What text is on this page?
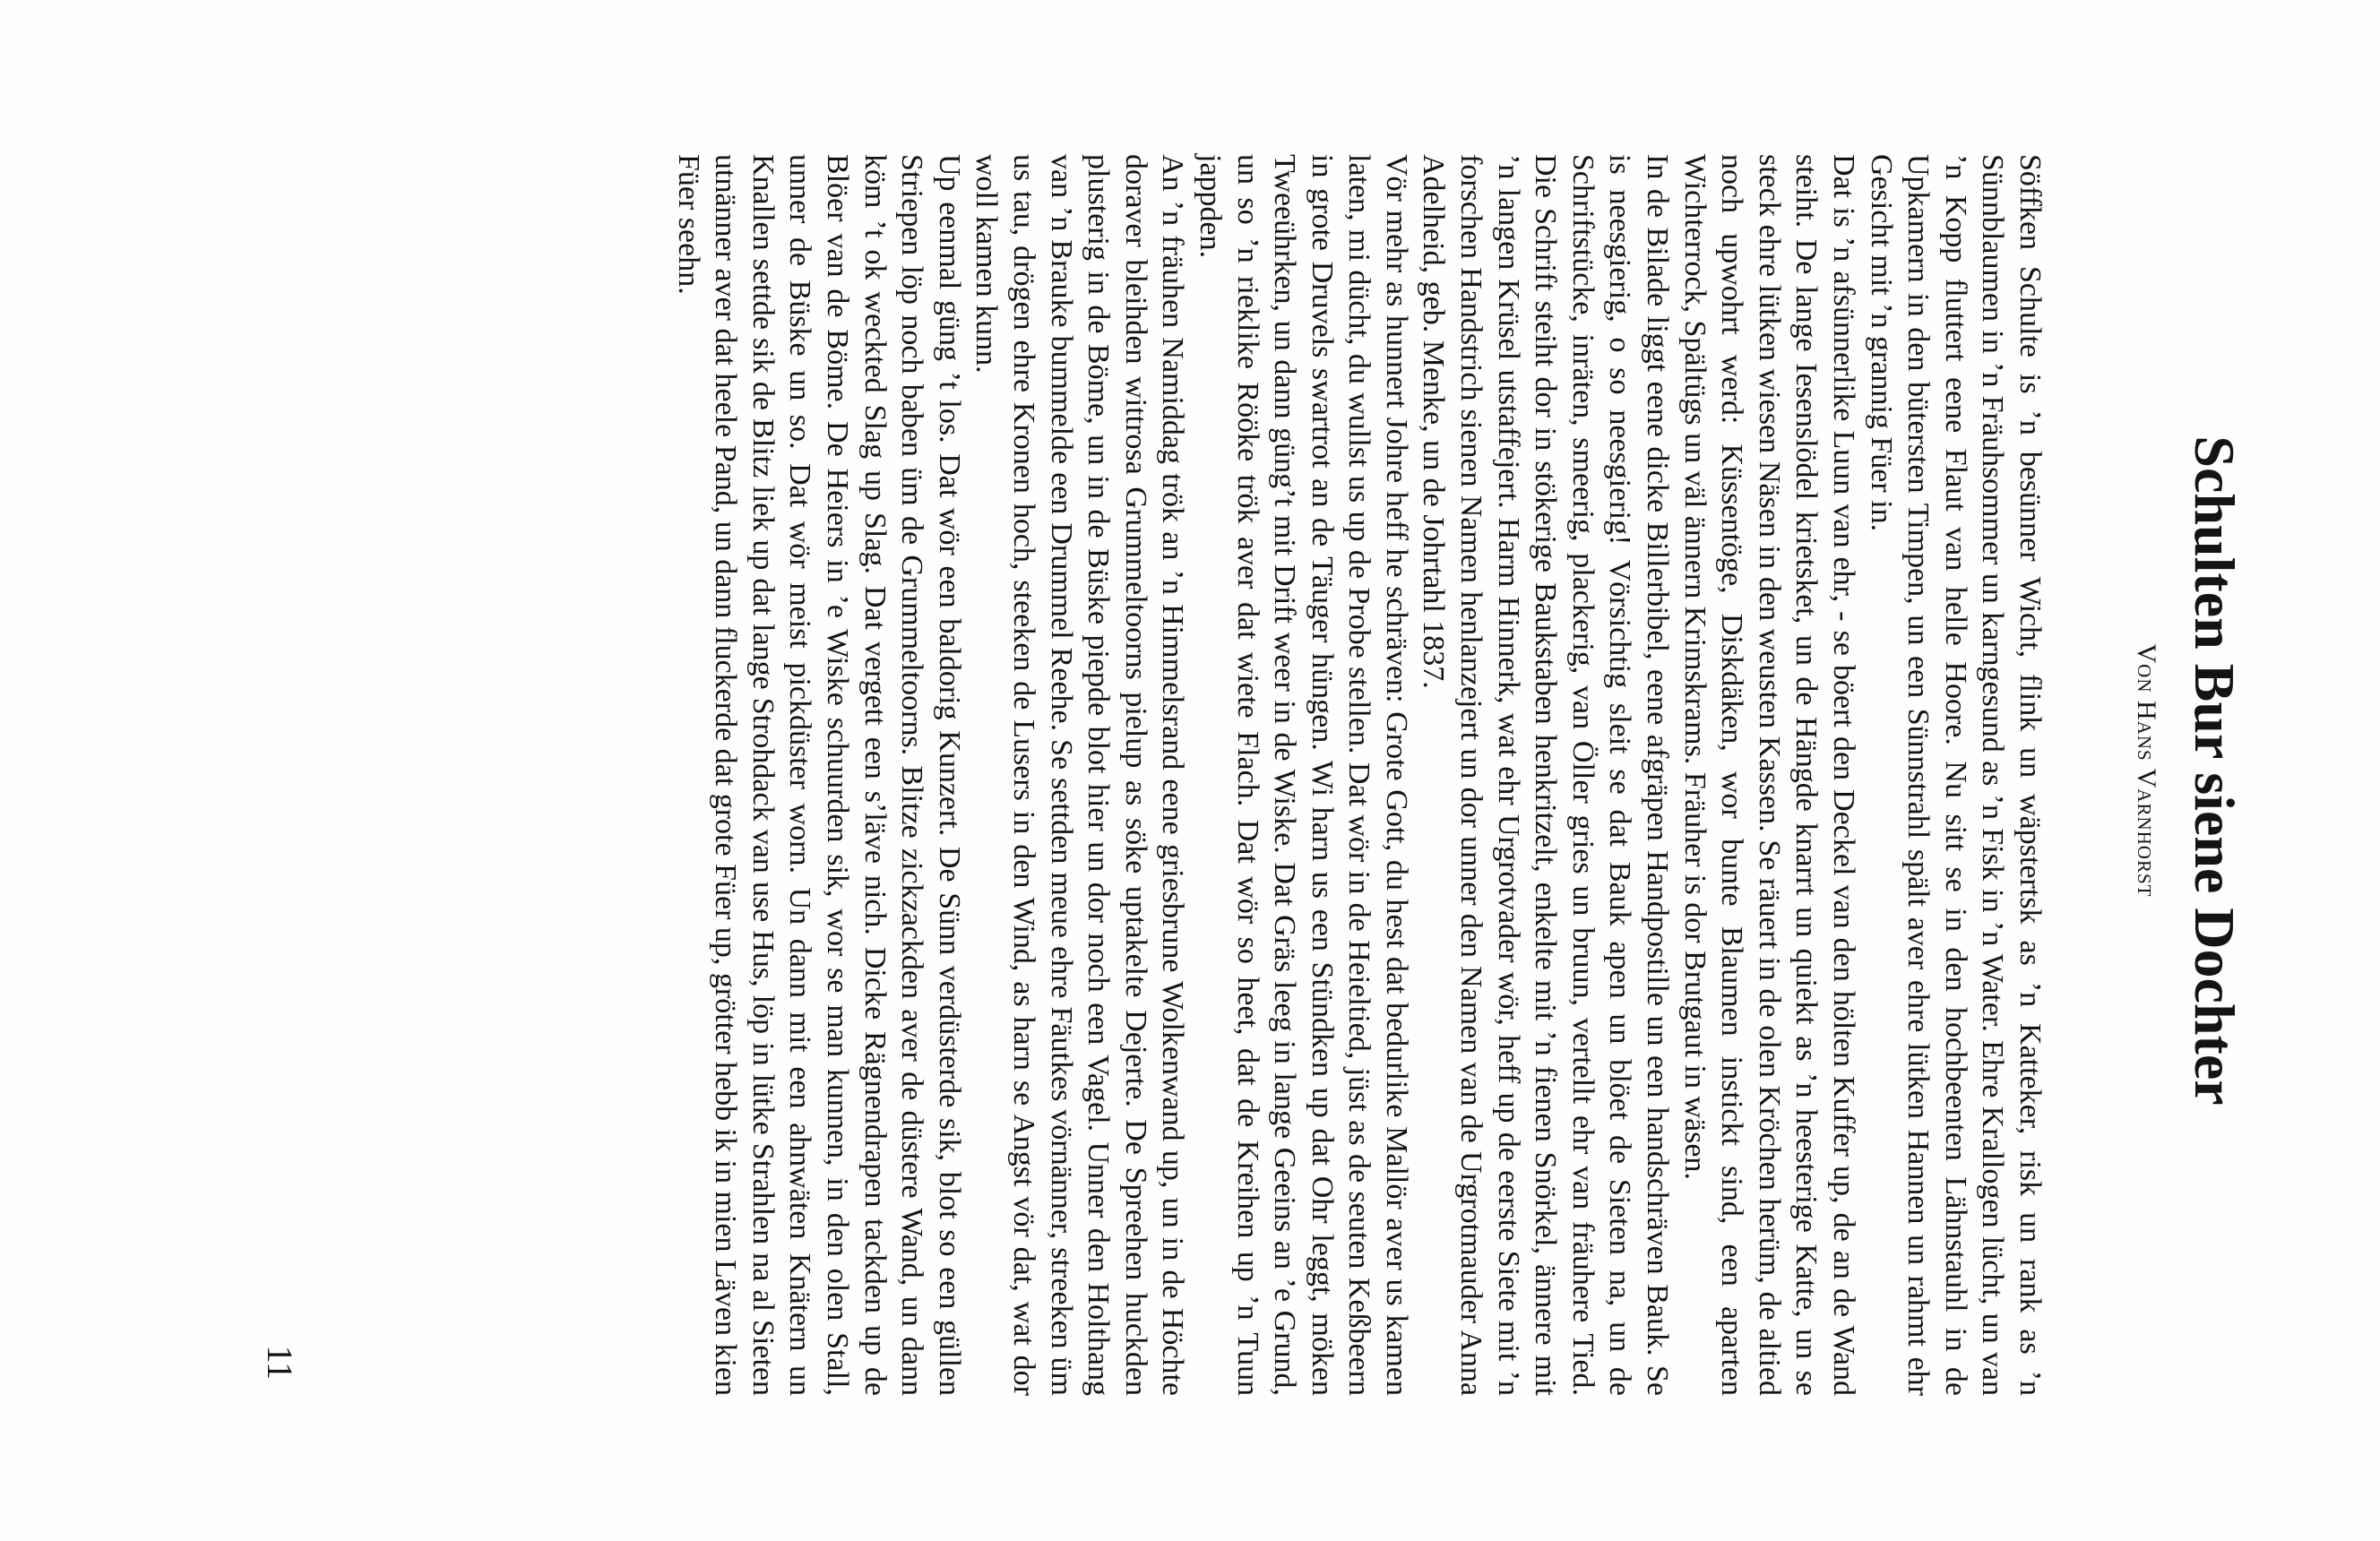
Schulten Bur siene Dochter
Von Hans Varnhorst

Söffken Schulte is ’n besünner Wicht, flink un wäpstertsk as ’n Katteker, risk un rank as ’n Sünnblaumen in ’n Fräuhsommer un karngesund as ’n Fisk in ’n Water. Ehre Krallogen lücht, un van ’n Kopp fluttert eene Flaut van helle Hoore. Nu sitt se in den hochbeenten Lähnstauhl in de Upkamern in den bütersten Timpen, un een Sünnstrahl spält aver ehre lütken Hannen un rahmt ehr Gesicht mit ’n grannig Füer in.

Dat is ’n afsünnerlike Luun van ehr, - se böert den Deckel van den hölten Kuffer up, de an de Wand steiht. De lange Iesenslödel krietsket, un de Hängde knarrt un quiekt as ’n heesterige Katte, un se steck ehre lütken wiesen Näsen in den weusten Kassen. Se räuert in de olen Kröchen herüm, de altied noch upwohrt werd: Küssentöge, Diskdäken, wor bunte Blaumen instickt sind, een aparten Wichterrock, Spältügs un väl ännern Krimskrams. Fräuher is dor Brutgaut in wäsen.

In de Bilade liggt eene dicke Billerbibel, eene afgräpen Handpostille un een handschräven Bauk. Se is neesgierig, o so neesgierig! Vörsichtig sleit se dat Bauk apen un blöet de Sieten na, un de Schriftstücke, inräten, smeerig, plackerig, van Öller gries un bruun, vertellt ehr van fräuhere Tied. Die Schrift steiht dor in stökerige Baukstaben henkritzelt, enkelte mit ’n fienen Snörkel, ännere mit ’n langen Krüsel utstaffejert. Harm Hinnerk, wat ehr Urgrotvader wör, heff up de eerste Siete mit ’n forschen Handstrich sienen Namen henlanzejert un dor unner den Namen van de Urgrotmauder Anna Adelheid, geb. Menke, un de Johrtahl 1837.

Vör mehr as hunnert Johre heff he schräven: Grote Gott, du hest dat bedurlike Mallör aver us kamen laten, mi dücht, du wullst us up de Probe stellen. Dat wör in de Heieltied, jüst as de seuten Keßbeern in grote Druvels swartrot an de Täuger hüngen. Wi harn us een Stündken up dat Ohr leggt, möken Tweeührken, un dann güng’t mit Drift weer in de Wiske. Dat Gräs leeg in lange Geeins an ’e Grund, un so ’n rieklike Rööke trök aver dat wiete Flach. Dat wör so heet, dat de Kreihen up ’n Tuun jappden.

An ’n fräuhen Namiddag trök an ’n Himmelsrand eene griesbrune Wolkenwand up, un in de Höchte doraver bleihden wittrosa Grummeltoorns pielup as söke uptakelte Dejerte. De Spreehen huckden plusterig in de Böme, un in de Büske piepde blot hier un dor noch een Vagel. Unner den Holthang van ’n Brauke bummelde een Drummel Reehe. Se settden meue ehre Fäutkes vörnänner, streeken üm us tau, drögen ehre Kronen hoch, steeken de Lusers in den Wind, as harn se Angst vör dat, wat dor woll kamen kunn.

Up eenmal güng ’t los. Dat wör een baldorig Kunzert. De Sünn verdüsterde sik, blot so een güllen Striepen löp noch baben üm de Grummeltoorns. Blitze zickzackden aver de düstere Wand, un dann köm ’t ok weckted Slag up Slag. Dat vergett een s’läve nich. Dicke Rägnendrapen tackden up de Blöer van de Böme. De Heiers in ’e Wiske schuurden sik, wor se man kunnen, in den olen Stall, unner de Büske un so. Dat wör meist pickdüster worn. Un dann mit een ahnwäten Knätern un Knallen settde sik de Blitz liek up dat lange Strohdack van use Hus, löp in lütke Strahlen na al Sieten utnänner aver dat heele Pand, un dann fluckerde dat grote Füer up, grötter hebb ik in mien Läven kien Füer seehn.

11
